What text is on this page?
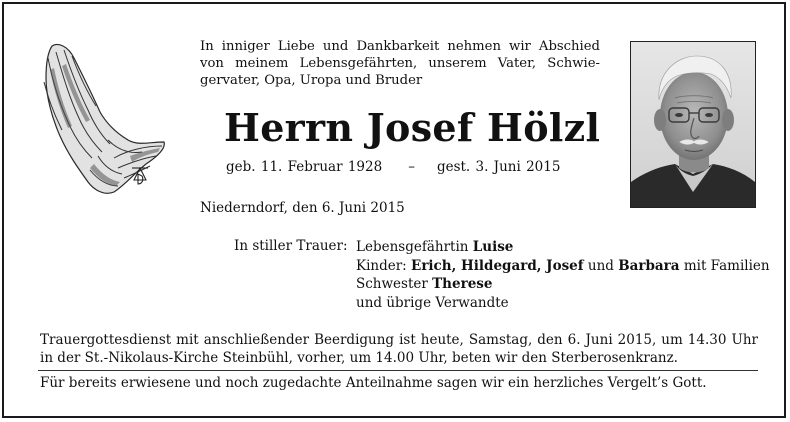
In inniger Liebe und Dankbarkeit nehmen wir Abschied
von meinem Lebensgefährten, unserem Vater, Schwie-
gervater, Opa, Uropa und Bruder
Herrn Josef Hölzl
geb. 11. Februar 1928 – gest. 3. Juni 2015
Niederndorf, den 6. Juni 2015
In stiller Trauer: Lebensgefährtin Luise
Kinder: Erich, Hildegard, Josef und Barbara mit Familien
Schwester Therese
und übrige Verwandte
Trauergottesdienst mit anschließender Beerdigung ist heute, Samstag, den 6. Juni 2015, um 14.30 Uhr
in der St.-Nikolaus-Kirche Steinbühl, vorher, um 14.00 Uhr, beten wir den Sterberosenkranz.
Für bereits erwiesene und noch zugedachte Anteilnahme sagen wir ein herzliches Vergelt’s Gott.
